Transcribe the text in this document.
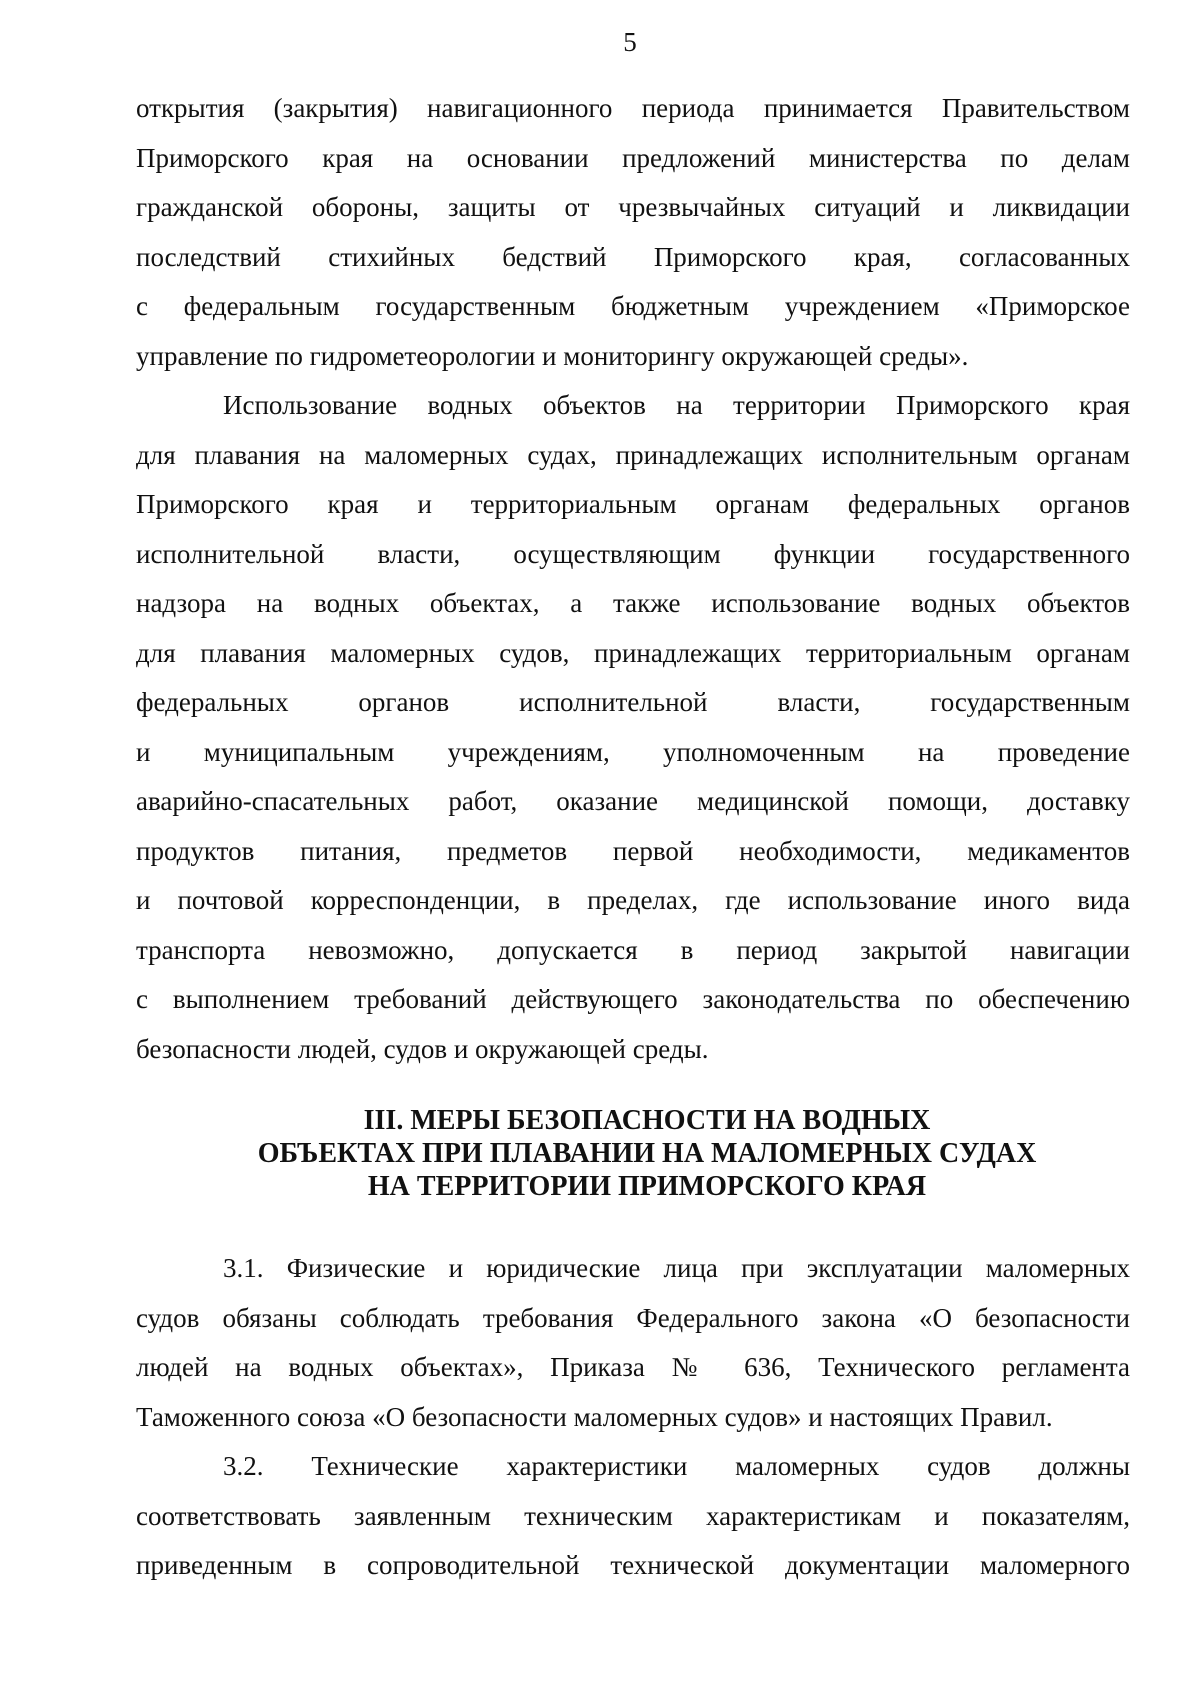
5

открытия (закрытия) навигационного периода принимается Правительством
Приморского края на основании предложений министерства по делам
гражданской обороны, защиты от чрезвычайных ситуаций и ликвидации
последствий стихийных бедствий Приморского края, согласованных
с федеральным государственным бюджетным учреждением «Приморское
управление по гидрометеорологии и мониторингу окружающей среды».

Использование водных объектов на территории Приморского края
для плавания на маломерных судах, принадлежащих исполнительным органам
Приморского края и территориальным органам федеральных органов
исполнительной власти, осуществляющим функции государственного
надзора на водных объектах, а также использование водных объектов
для плавания маломерных судов, принадлежащих территориальным органам
федеральных органов исполнительной власти, государственным
и муниципальным учреждениям, уполномоченным на проведение
аварийно-спасательных работ, оказание медицинской помощи, доставку
продуктов питания, предметов первой необходимости, медикаментов
и почтовой корреспонденции, в пределах, где использование иного вида
транспорта невозможно, допускается в период закрытой навигации
с выполнением требований действующего законодательства по обеспечению
безопасности людей, судов и окружающей среды.

III. МЕРЫ БЕЗОПАСНОСТИ НА ВОДНЫХ
ОБЪЕКТАХ ПРИ ПЛАВАНИИ НА МАЛОМЕРНЫХ СУДАХ
НА ТЕРРИТОРИИ ПРИМОРСКОГО КРАЯ

3.1. Физические и юридические лица при эксплуатации маломерных
судов обязаны соблюдать требования Федерального закона «О безопасности
людей на водных объектах», Приказа № 636, Технического регламента
Таможенного союза «О безопасности маломерных судов» и настоящих Правил.

3.2. Технические характеристики маломерных судов должны
соответствовать заявленным техническим характеристикам и показателям,
приведенным в сопроводительной технической документации маломерного
